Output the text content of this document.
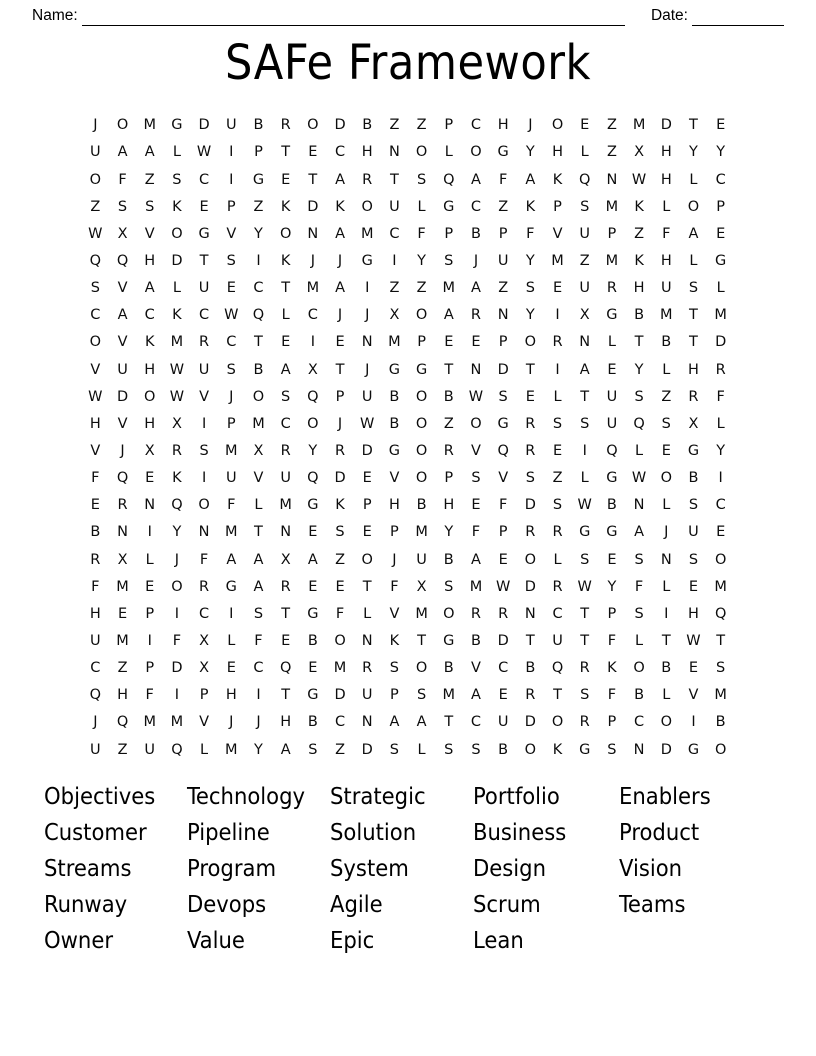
Name:	Date:
SAFe Framework
J	O	M	G	D	U	B	R	O	D	B	Z	Z	P	C	H	J	O	E	Z	M	D	T	E
U	A	A	L	W	I	P	T	E	C	H	N	O	L	O	G	Y	H	L	Z	X	H	Y	Y
O	F	Z	S	C	I	G	E	T	A	R	T	S	Q	A	F	A	K	Q	N	W	H	L	C
Z	S	S	K	E	P	Z	K	D	K	O	U	L	G	C	Z	K	P	S	M	K	L	O	P
W	X	V	O	G	V	Y	O	N	A	M	C	F	P	B	P	F	V	U	P	Z	F	A	E
Q	Q	H	D	T	S	I	K	J	J	G	I	Y	S	J	U	Y	M	Z	M	K	H	L	G
S	V	A	L	U	E	C	T	M	A	I	Z	Z	M	A	Z	S	E	U	R	H	U	S	L
C	A	C	K	C	W Q	L	C	J	J	X	O	A	R	N	Y	I	X	G	B	M	T	M
O	V	K	M	R	C	T	E	I	E	N	M	P	E	E	P	O	R	N	L	T	B	T	D
V	U	H	W	U	S	B	A	X	T	J	G	G	T	N	D	T	I	A	E	Y	L	H	R
W D	O W	V	J	O	S	Q	P	U	B	O	B	W	S	E	L	T	U	S	Z	R	F
H	V	H	X	I	P	M	C	O	J	W	B	O	Z	O	G	R	S	S	U	Q	S	X	L
V	J	X	R	S	M	X	R	Y	R	D	G	O	R	V	Q	R	E	I	Q	L	E	G	Y
F	Q	E	K	I	U	V	U	Q	D	E	V	O	P	S	V	S	Z	L	G W O	B	I
E	R	N	Q	O	F	L	M	G	K	P	H	B	H	E	F	D	S	W	B	N	L	S	C
B	N	I	Y	N	M	T	N	E	S	E	P	M	Y	F	P	R	R	G	G	A	J	U	E
R	X	L	J	F	A	A	X	A	Z	O	J	U	B	A	E	O	L	S	E	S	N	S	O
F	M	E	O	R	G	A	R	E	E	T	F	X	S	M W D	R	W	Y	F	L	E	M
H	E	P	I	C	I	S	T	G	F	L	V	M	O	R	R	N	C	T	P	S	I	H	Q
U	M	I	F	X	L	F	E	B	O	N	K	T	G	B	D	T	U	T	F	L	T	W	T
C	Z	P	D	X	E	C	Q	E	M	R	S	O	B	V	C	B	Q	R	K	O	B	E	S
Q	H	F	I	P	H	I	T	G	D	U	P	S	M	A	E	R	T	S	F	B	L	V	M
J	Q	M	M	V	J	J	H	B	C	N	A	A	T	C	U	D	O	R	P	C	O	I	B
U	Z	U	Q	L	M	Y	A	S	Z	D	S	L	S	S	B	O	K	G	S	N	D	G	O
Objectives	Technology	Strategic	Portfolio	Enablers
Customer	Pipeline	Solution	Business	Product
Streams	Program	System	Design	Vision
Runway	Devops	Agile	Scrum	Teams
Owner	Value	Epic	Lean
